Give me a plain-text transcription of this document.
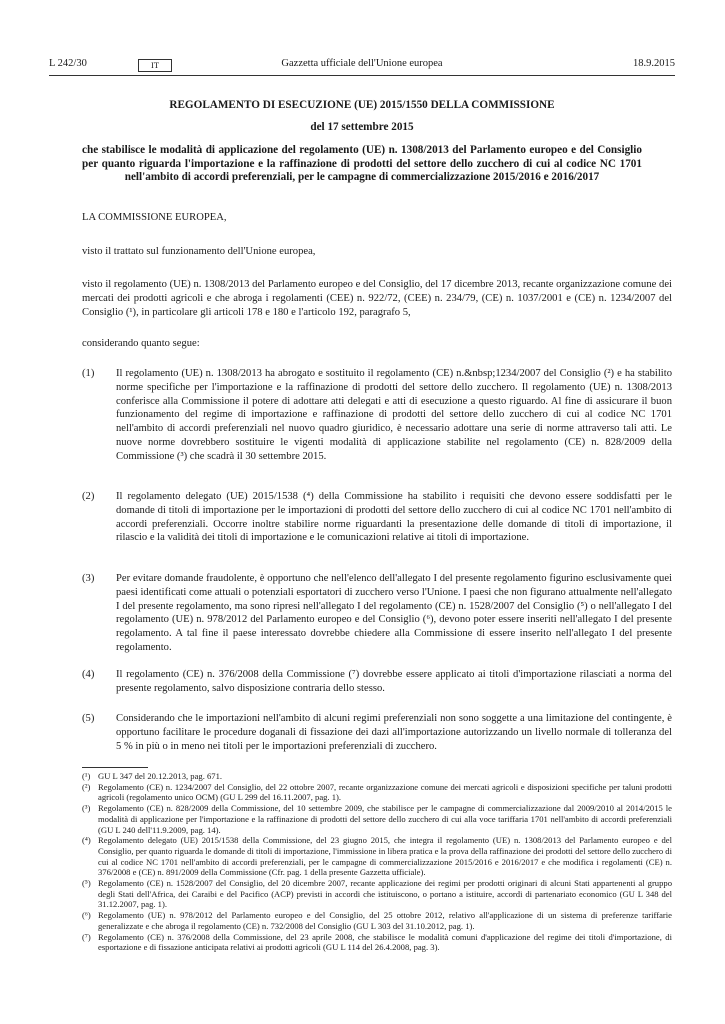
L 242/30	IT	Gazzetta ufficiale dell'Unione europea	18.9.2015
REGOLAMENTO DI ESECUZIONE (UE) 2015/1550 DELLA COMMISSIONE
del 17 settembre 2015
che stabilisce le modalità di applicazione del regolamento (UE) n. 1308/2013 del Parlamento europeo e del Consiglio per quanto riguarda l'importazione e la raffinazione di prodotti del settore dello zucchero di cui al codice NC 1701 nell'ambito di accordi preferenziali, per le campagne di commercializzazione 2015/2016 e 2016/2017
LA COMMISSIONE EUROPEA,
visto il trattato sul funzionamento dell'Unione europea,
visto il regolamento (UE) n. 1308/2013 del Parlamento europeo e del Consiglio, del 17 dicembre 2013, recante organizzazione comune dei mercati dei prodotti agricoli e che abroga i regolamenti (CEE) n. 922/72, (CEE) n. 234/79, (CE) n. 1037/2001 e (CE) n. 1234/2007 del Consiglio (¹), in particolare gli articoli 178 e 180 e l'articolo 192, paragrafo 5,
considerando quanto segue:
(1) Il regolamento (UE) n. 1308/2013 ha abrogato e sostituito il regolamento (CE) n.&nbsp;1234/2007 del Consiglio (²) e ha stabilito norme specifiche per l'importazione e la raffinazione di prodotti del settore dello zucchero. Il regolamento (UE) n. 1308/2013 conferisce alla Commissione il potere di adottare atti delegati e atti di esecuzione a questo riguardo. Al fine di assicurare il buon funzionamento del regime di importazione e raffinazione di prodotti del settore dello zucchero di cui al codice NC 1701 nell'ambito di accordi preferenziali nel nuovo quadro giuridico, è necessario adottare una serie di norme attraverso tali atti. Le nuove norme dovrebbero sostituire le vigenti modalità di applicazione stabilite nel regolamento (CE) n. 828/2009 della Commissione (³) che scadrà il 30 settembre 2015.
(2) Il regolamento delegato (UE) 2015/1538 (⁴) della Commissione ha stabilito i requisiti che devono essere soddisfatti per le domande di titoli di importazione per le importazioni di prodotti del settore dello zucchero di cui al codice NC 1701 nell'ambito di accordi preferenziali. Occorre inoltre stabilire norme riguardanti la presentazione delle domande di titoli di importazione, il rilascio e la validità dei titoli di importazione e le comunicazioni relative ai titoli di importazione.
(3) Per evitare domande fraudolente, è opportuno che nell'elenco dell'allegato I del presente regolamento figurino esclusivamente quei paesi identificati come attuali o potenziali esportatori di zucchero verso l'Unione. I paesi che non figurano attualmente nell'allegato I del presente regolamento, ma sono ripresi nell'allegato I del regolamento (CE) n. 1528/2007 del Consiglio (⁵) o nell'allegato I del regolamento (UE) n. 978/2012 del Parlamento europeo e del Consiglio (⁶), devono poter essere inseriti nell'allegato I del presente regolamento. A tal fine il paese interessato dovrebbe chiedere alla Commissione di essere inserito nell'allegato I del presente regolamento.
(4) Il regolamento (CE) n. 376/2008 della Commissione (⁷) dovrebbe essere applicato ai titoli d'importazione rilasciati a norma del presente regolamento, salvo disposizione contraria dello stesso.
(5) Considerando che le importazioni nell'ambito di alcuni regimi preferenziali non sono soggette a una limitazione del contingente, è opportuno facilitare le procedure doganali di fissazione dei dazi all'importazione autorizzando un livello normale di tolleranza del 5 % in più o in meno nei titoli per le importazioni preferenziali di zucchero.
(¹) GU L 347 del 20.12.2013, pag. 671.
(²) Regolamento (CE) n. 1234/2007 del Consiglio, del 22 ottobre 2007, recante organizzazione comune dei mercati agricoli e disposizioni specifiche per taluni prodotti agricoli (regolamento unico OCM) (GU L 299 del 16.11.2007, pag. 1).
(³) Regolamento (CE) n. 828/2009 della Commissione, del 10 settembre 2009, che stabilisce per le campagne di commercializzazione dal 2009/2010 al 2014/2015 le modalità di applicazione per l'importazione e la raffinazione di prodotti del settore dello zucchero di cui alla voce tariffaria 1701 nell'ambito di accordi preferenziali (GU L 240 dell'11.9.2009, pag. 14).
(⁴) Regolamento delegato (UE) 2015/1538 della Commissione, del 23 giugno 2015, che integra il regolamento (UE) n. 1308/2013 del Parlamento europeo e del Consiglio, per quanto riguarda le domande di titoli di importazione, l'immissione in libera pratica e la prova della raffinazione dei prodotti del settore dello zucchero di cui al codice NC 1701 nell'ambito di accordi preferenziali, per le campagne di commercializzazione 2015/2016 e 2016/2017 e che modifica i regolamenti (CE) n. 376/2008 e (CE) n. 891/2009 della Commissione (Cfr. pag. 1 della presente Gazzetta ufficiale).
(⁵) Regolamento (CE) n. 1528/2007 del Consiglio, del 20 dicembre 2007, recante applicazione dei regimi per prodotti originari di alcuni Stati appartenenti al gruppo degli Stati dell'Africa, dei Caraibi e del Pacifico (ACP) previsti in accordi che istituiscono, o portano a istituire, accordi di partenariato economico (GU L 348 del 31.12.2007, pag. 1).
(⁶) Regolamento (UE) n. 978/2012 del Parlamento europeo e del Consiglio, del 25 ottobre 2012, relativo all'applicazione di un sistema di preferenze tariffarie generalizzate e che abroga il regolamento (CE) n. 732/2008 del Consiglio (GU L 303 del 31.10.2012, pag. 1).
(⁷) Regolamento (CE) n. 376/2008 della Commissione, del 23 aprile 2008, che stabilisce le modalità comuni d'applicazione del regime dei titoli d'importazione, di esportazione e di fissazione anticipata relativi ai prodotti agricoli (GU L 114 del 26.4.2008, pag. 3).
